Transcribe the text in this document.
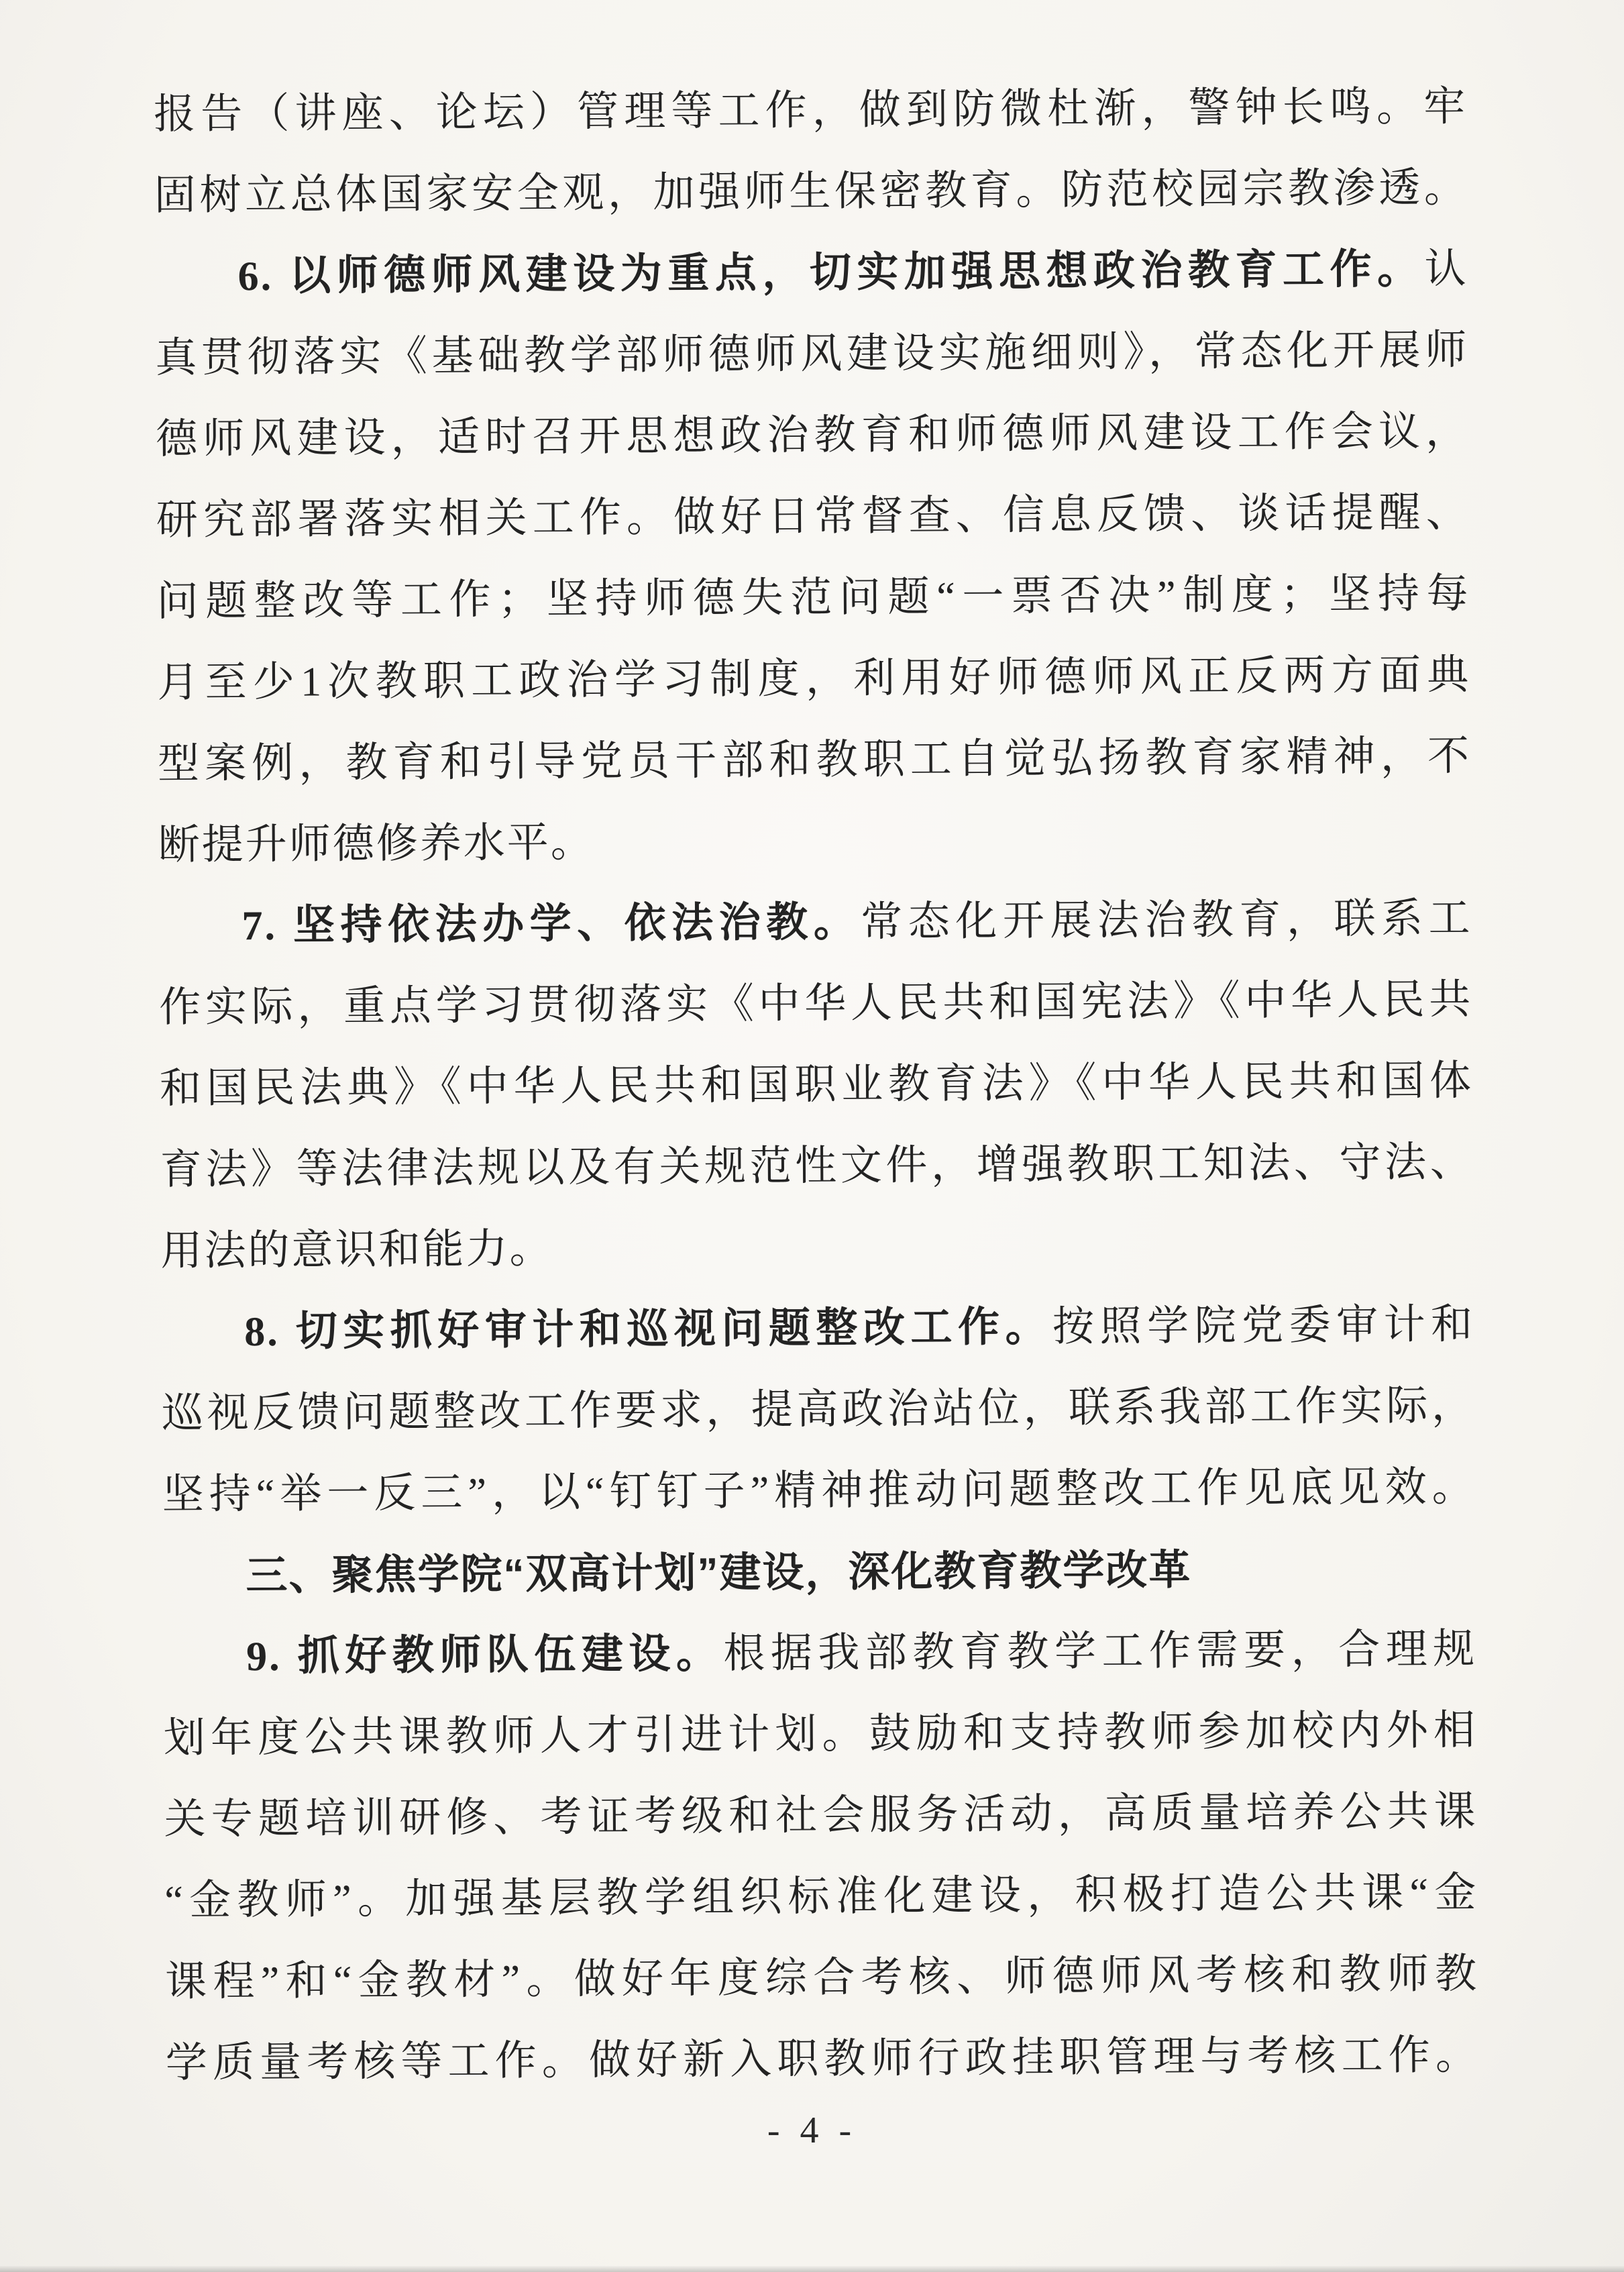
报告（讲座、论坛）管理等工作，做到防微杜渐，警钟长鸣。牢
固树立总体国家安全观，加强师生保密教育。防范校园宗教渗透。
6. 以师德师风建设为重点，切实加强思想政治教育工作。认
真贯彻落实《基础教学部师德师风建设实施细则》，常态化开展师
德师风建设，适时召开思想政治教育和师德师风建设工作会议，
研究部署落实相关工作。做好日常督查、信息反馈、谈话提醒、
问题整改等工作；坚持师德失范问题“一票否决”制度；坚持每
月至少1次教职工政治学习制度，利用好师德师风正反两方面典
型案例，教育和引导党员干部和教职工自觉弘扬教育家精神，不
断提升师德修养水平。
7. 坚持依法办学、依法治教。常态化开展法治教育，联系工
作实际，重点学习贯彻落实《中华人民共和国宪法》《中华人民共
和国民法典》《中华人民共和国职业教育法》《中华人民共和国体
育法》等法律法规以及有关规范性文件，增强教职工知法、守法、
用法的意识和能力。
8. 切实抓好审计和巡视问题整改工作。按照学院党委审计和
巡视反馈问题整改工作要求，提高政治站位，联系我部工作实际，
坚持“举一反三”，以“钉钉子”精神推动问题整改工作见底见效。
三、聚焦学院“双高计划”建设，深化教育教学改革
9. 抓好教师队伍建设。根据我部教育教学工作需要，合理规
划年度公共课教师人才引进计划。鼓励和支持教师参加校内外相
关专题培训研修、考证考级和社会服务活动，高质量培养公共课
“金教师”。加强基层教学组织标准化建设，积极打造公共课“金
课程”和“金教材”。做好年度综合考核、师德师风考核和教师教
学质量考核等工作。做好新入职教师行政挂职管理与考核工作。
- 4 -
